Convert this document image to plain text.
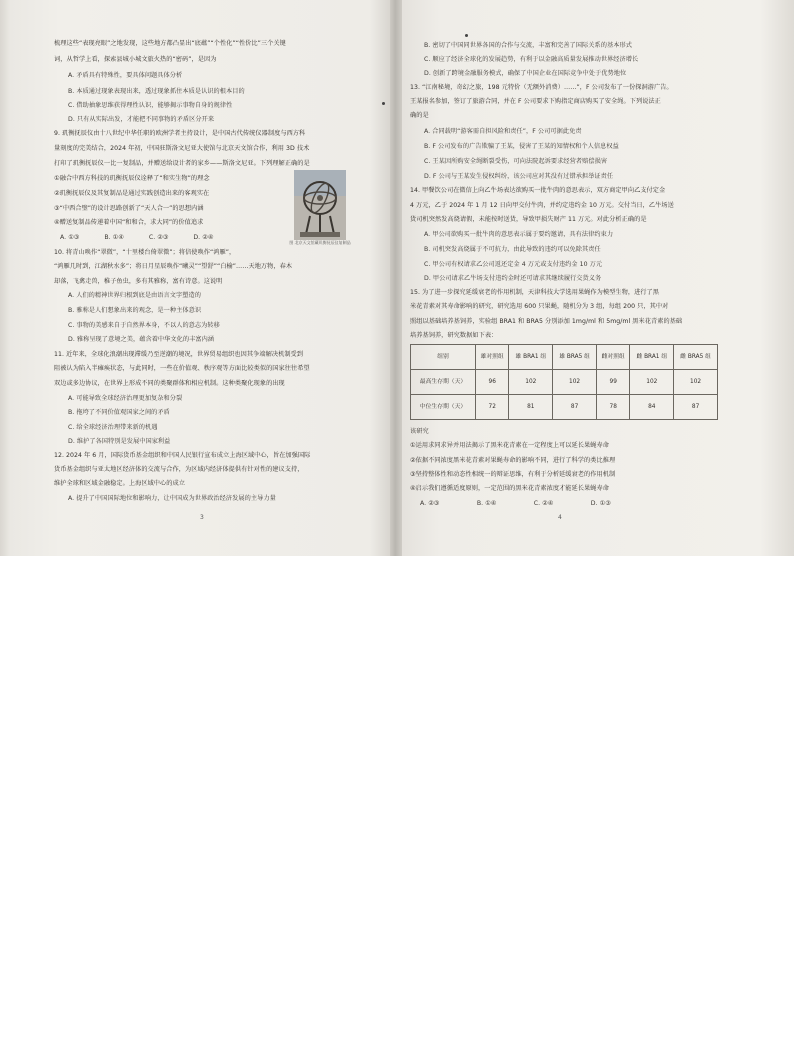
梳理这些“表现亮眼”之地发现，这些地方都凸显出“底蕴”“个性化”“性价比”三个关键
词，从哲学上看，探索县城小城文旅火热的“密码”，是因为
A. 矛盾具有特殊性，要具体问题具体分析
B. 本质通过现象表现出来，透过现象抓住本质是认识的根本目的
C. 借助抽象思维获得理性认识，能够揭示事物自身的规律性
D. 只有从实际出发，才能把不同事物的矛盾区分开来
9. 玑衡抚辰仪由十八世纪中华任职的欧洲学者主持设计，是中国古代传统仪器制度与西方科
量刻度的完美结合，2024 年初，中国驻斯洛文尼亚大使馆与北京天文馆合作，利用 3D 技术
打印了玑衡抚辰仪一比一复制品，并赠送给设计者的家乡——斯洛文尼亚。下列理解正确的是
①融合中西方科技的玑衡抚辰仪诠释了“和实生物”的理念
②玑衡抚辰仪及其复制品是通过实践创造出来的客观实在
③“中西合璧”的设计思路创新了“天人合一”的思想内涵
④赠送复制品传递着中国“和和合，求大同”的价值追求
A. ①③　　　　B. ①④　　　　C. ②③　　　　D. ②④
10. 将青山唤作“翠微”，“十里楼台倚翠微”；将信使唤作“鸿雁”，
“鸿雁几时到，江湖秋水多”；将日月星辰唤作“曦灵”“望舒”“白榆”……天地万物，春木
却落，飞禽走兽，稚子鱼虫，多有其雅称，富有诗意。这说明
A. 人们的精神世界归根到底是由语言文字塑造的
B. 雅称是人们想象出来的观念，是一种主体意识
C. 事物的美感来自于自然界本身，不以人的意志为转移
D. 雅称呈现了意境之美，蕴含着中华文化的丰富内涵
11. 近年来，全球化浪潮出现滞缓乃至逆潮的境况，世界贸易组织也因其争端解决机制受到
阻被认为陷入半瘫痪状态，与此同时，一些在价值观、秩序观等方面比较类似的国家往往希望
双边或多边协议，在世界上形成不同的类聚群体和相应机制。这种类聚化现象的出现
A. 可能导致全球经济治理更加复杂和分裂
B. 拖垮了不同价值观国家之间的矛盾
C. 给全球经济治理带来新的机遇
D. 维护了各国特别是发展中国家利益
12. 2024 年 6 月，国际货币基金组织和中国人民银行宣布成立上海区域中心，旨在加强国际
货币基金组织与亚太地区经济体的交流与合作，为区域内经济体提供有针对性的建议支持，
维护全球和区域金融稳定。上海区域中心的成立
A. 提升了中国国际地位和影响力，让中国成为世界政治经济发展的主导力量
图 北京天文馆藏玑衡抚辰仪复制品
3
B. 密切了中国同世界各国的合作与交流，丰富和完善了国际关系的基本形式
C. 顺应了经济全球化的发展趋势，有利于以金融高质量发展推动世界经济增长
D. 创新了跨境金融服务模式，确保了中国企业在国际竞争中处于优势地位
13. “江南秘境，奇幻之旅，198 元特价（无额外消费）……”，F 公司发布了一份探洞游广告。
王某报名参加，签订了旅游合同，并在 F 公司要求下购指定商店购买了安全绳。下列说法正
确的是
A. 合同载明“游客需自担风险和责任”，F 公司可据此免责
B. F 公司发布的广告欺骗了王某，侵害了王某的知情权和个人信息权益
C. 王某因所购安全绳断裂受伤，可向法院起诉要求经营者赔偿损害
D. F 公司与王某发生侵权纠纷，该公司应对其没有过错承担举证责任
14. 甲餐饮公司在微信上向乙牛场表达欲购买一批牛肉的意思表示，双方商定甲向乙支付定金
4 万元，乙于 2024 年 1 月 12 日向甲交付牛肉，并约定违约金 10 万元。交付当日，乙牛场送
货司机突然发高烧请假，未能按时送货，导致甲损失财产 11 万元。对此分析正确的是
A. 甲公司欲购买一批牛肉的意思表示属于要约邀请，具有法律约束力
B. 司机突发高烧属于不可抗力，由此导致的违约可以免除其责任
C. 甲公司有权请求乙公司返还定金 4 万元或支付违约金 10 万元
D. 甲公司请求乙牛场支付违约金时还可请求其继续履行交货义务
15. 为了进一步探究延缓衰老的作用机制，天津科技大学选用果蝇作为模型生物，进行了黑
米花青素对其寿命影响的研究，研究选用 600 只果蝇，随机分为 3 组，每组 200 只，其中对
照组以基础培养基饲养，实验组 BRA1 和 BRA5 分别添加 1mg/ml 和 5mg/ml 黑米花青素的基础
培养基饲养，研究数据如下表：
组别	雄对照组	雄 BRA1 组	雄 BRA5 组	雌对照组	雌 BRA1 组	雌 BRA5 组
最高生存期（天）	96	102	102	99	102	102
中位生存期（天）	72	81	87	78	84	87
该研究
①运用求同求异并用法揭示了黑米花青素在一定程度上可以延长果蝇寿命
②依据不同浓度黑米花青素对果蝇寿命的影响不同，进行了科学的类比推理
③坚持整体性和动态性相统一的辩证思维，有利于分析延缓衰老的作用机制
④启示我们遵循适度原则，一定范围的黑米花青素浓度才能延长果蝇寿命
A. ②③　　　　　　B. ①④　　　　　　C. ②④　　　　　　D. ①③
4
